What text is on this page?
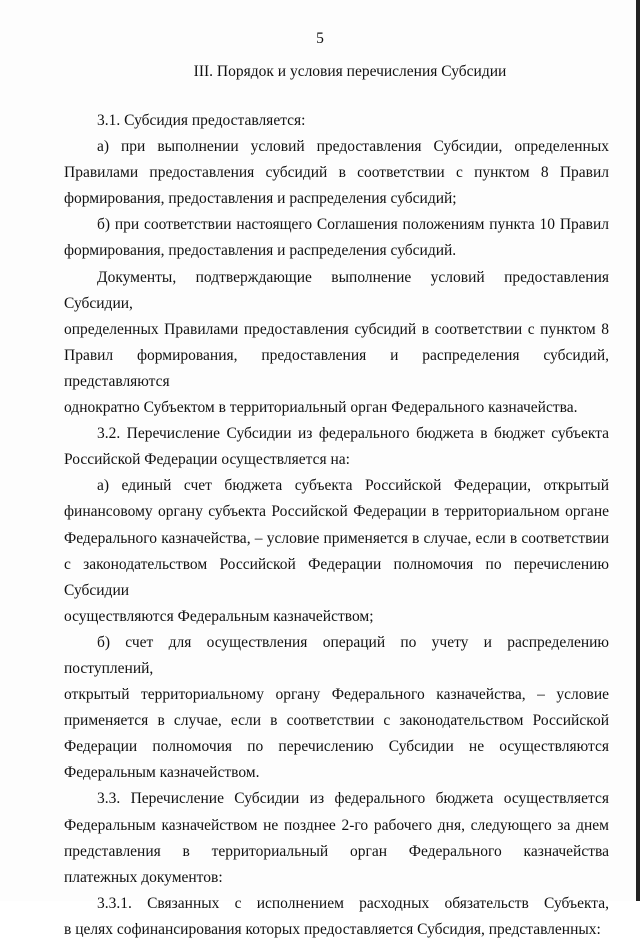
5
III. Порядок и условия перечисления Субсидии

3.1. Субсидия предоставляется:

а) при выполнении условий предоставления Субсидии, определенных

Правилами предоставления субсидий в соответствии с пунктом 8 Правил

формирования, предоставления и распределения субсидий;

б) при соответствии настоящего Соглашения положениям пункта 10 Правил

формирования, предоставления и распределения субсидий.

Документы, подтверждающие выполнение условий предоставления Субсидии,

определенных Правилами предоставления субсидий в соответствии с пунктом 8

Правил формирования, предоставления и распределения субсидий, представляются

однократно Субъектом в территориальный орган Федерального казначейства.

3.2. Перечисление Субсидии из федерального бюджета в бюджет субъекта

Российской Федерации осуществляется на:

а) единый счет бюджета субъекта Российской Федерации, открытый

финансовому органу субъекта Российской Федерации в территориальном органе

Федерального казначейства, – условие применяется в случае, если в соответствии

с законодательством Российской Федерации полномочия по перечислению Субсидии

осуществляются Федеральным казначейством;

б) счет для осуществления операций по учету и распределению поступлений,

открытый территориальному органу Федерального казначейства, – условие

применяется в случае, если в соответствии с законодательством Российской

Федерации полномочия по перечислению Субсидии не осуществляются

Федеральным казначейством.

3.3. Перечисление Субсидии из федерального бюджета осуществляется

Федеральным казначейством не позднее 2-го рабочего дня, следующего за днем

представления в территориальный орган Федерального казначейства

платежных документов:

3.3.1. Связанных с исполнением расходных обязательств Субъекта,

в целях софинансирования которых предоставляется Субсидия, представленных:
